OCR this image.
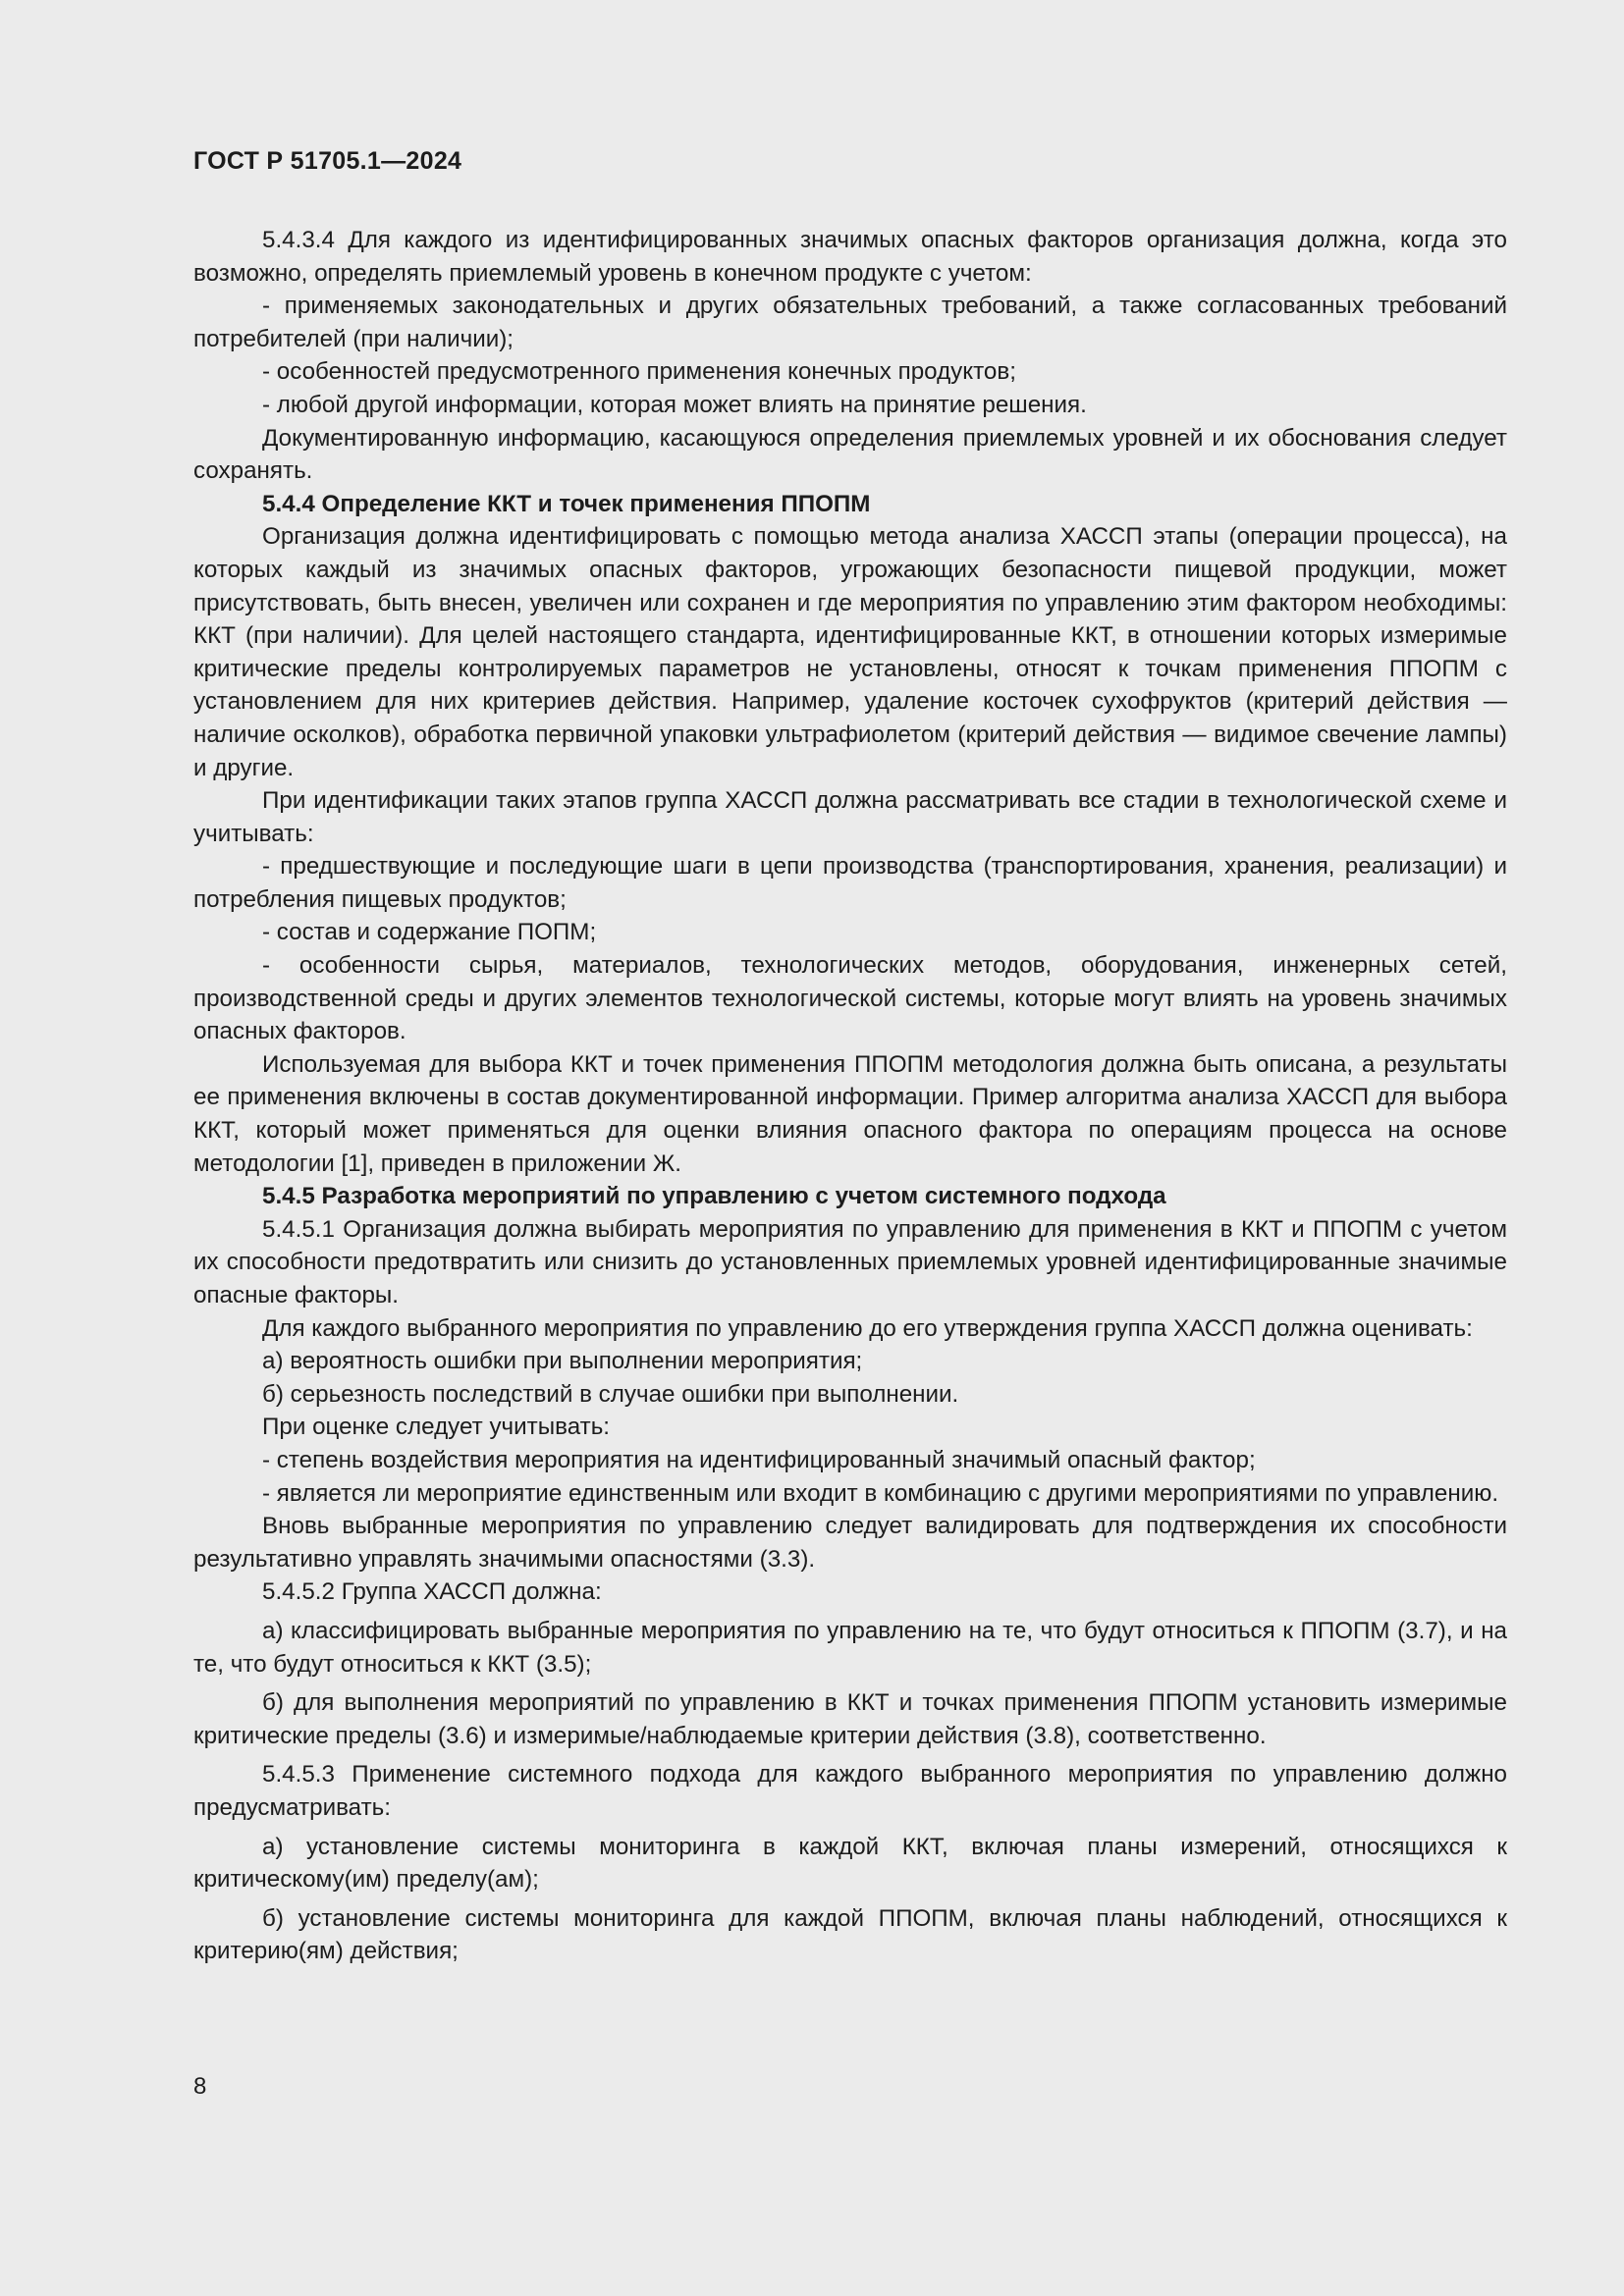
ГОСТ Р 51705.1—2024

5.4.3.4 Для каждого из идентифицированных значимых опасных факторов организация должна, когда это возможно, определять приемлемый уровень в конечном продукте с учетом:

- применяемых законодательных и других обязательных требований, а также согласованных требований потребителей (при наличии);

- особенностей предусмотренного применения конечных продуктов;

- любой другой информации, которая может влиять на принятие решения.

Документированную информацию, касающуюся определения приемлемых уровней и их обоснования следует сохранять.

5.4.4 Определение ККТ и точек применения ППОПМ

Организация должна идентифицировать с помощью метода анализа ХАССП этапы (операции процесса), на которых каждый из значимых опасных факторов, угрожающих безопасности пищевой продукции, может присутствовать, быть внесен, увеличен или сохранен и где мероприятия по управлению этим фактором необходимы: ККТ (при наличии). Для целей настоящего стандарта, идентифицированные ККТ, в отношении которых измеримые критические пределы контролируемых параметров не установлены, относят к точкам применения ППОПМ с установлением для них критериев действия. Например, удаление косточек сухофруктов (критерий действия — наличие осколков), обработка первичной упаковки ультрафиолетом (критерий действия — видимое свечение лампы) и другие.

При идентификации таких этапов группа ХАССП должна рассматривать все стадии в технологической схеме и учитывать:

- предшествующие и последующие шаги в цепи производства (транспортирования, хранения, реализации) и потребления пищевых продуктов;

- состав и содержание ПОПМ;

- особенности сырья, материалов, технологических методов, оборудования, инженерных сетей, производственной среды и других элементов технологической системы, которые могут влиять на уровень значимых опасных факторов.

Используемая для выбора ККТ и точек применения ППОПМ методология должна быть описана, а результаты ее применения включены в состав документированной информации. Пример алгоритма анализа ХАССП для выбора ККТ, который может применяться для оценки влияния опасного фактора по операциям процесса на основе методологии [1], приведен в приложении Ж.

5.4.5 Разработка мероприятий по управлению с учетом системного подхода

5.4.5.1 Организация должна выбирать мероприятия по управлению для применения в ККТ и ППОПМ с учетом их способности предотвратить или снизить до установленных приемлемых уровней идентифицированные значимые опасные факторы.

Для каждого выбранного мероприятия по управлению до его утверждения группа ХАССП должна оценивать:

а) вероятность ошибки при выполнении мероприятия;

б) серьезность последствий в случае ошибки при выполнении.

При оценке следует учитывать:

- степень воздействия мероприятия на идентифицированный значимый опасный фактор;

- является ли мероприятие единственным или входит в комбинацию с другими мероприятиями по управлению.

Вновь выбранные мероприятия по управлению следует валидировать для подтверждения их способности результативно управлять значимыми опасностями (3.3).

5.4.5.2 Группа ХАССП должна:

а) классифицировать выбранные мероприятия по управлению на те, что будут относиться к ППОПМ (3.7), и на те, что будут относиться к ККТ (3.5);

б) для выполнения мероприятий по управлению в ККТ и точках применения ППОПМ установить измеримые критические пределы (3.6) и измеримые/наблюдаемые критерии действия (3.8), соответственно.

5.4.5.3 Применение системного подхода для каждого выбранного мероприятия по управлению должно предусматривать:

а) установление системы мониторинга в каждой ККТ, включая планы измерений, относящихся к критическому(им) пределу(ам);

б) установление системы мониторинга для каждой ППОПМ, включая планы наблюдений, относящихся к критерию(ям) действия;

8
